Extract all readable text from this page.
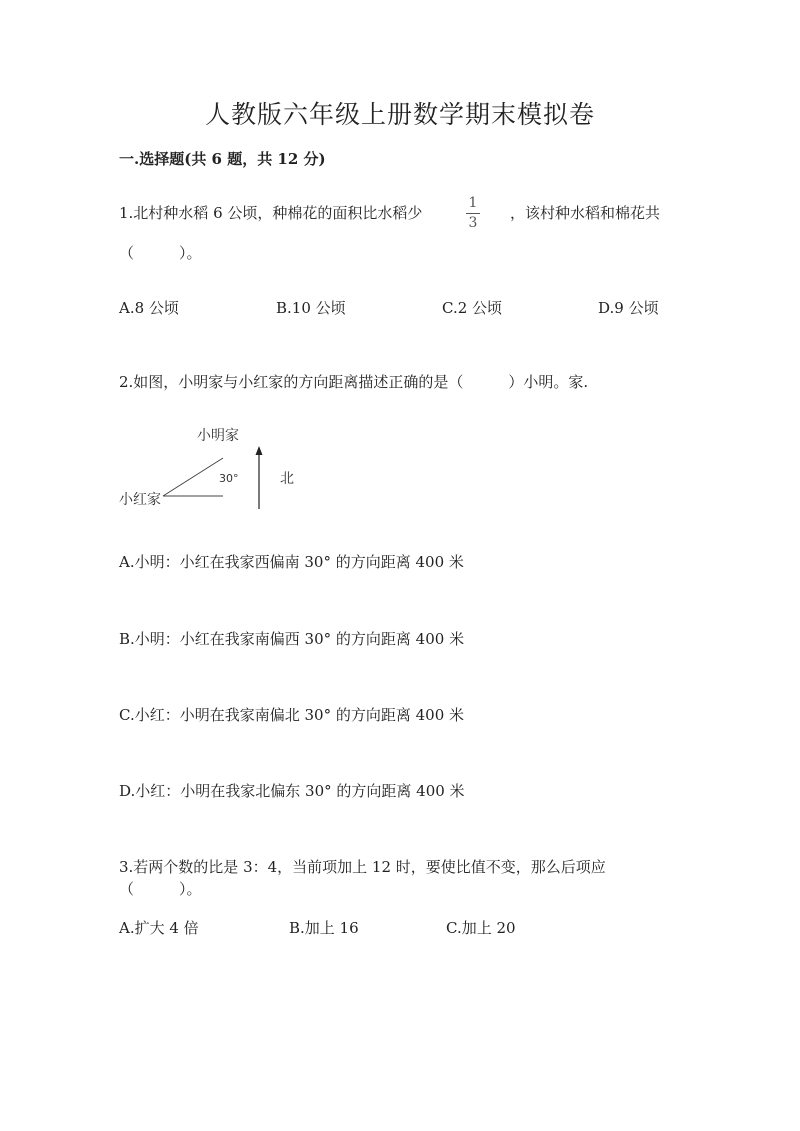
人教版六年级上册数学期末模拟卷
一.选择题(共 6 题，共 12 分)
1.北村种水稻 6 公顷，种棉花的面积比水稻少
1
3
，该村种水稻和棉花共
（　　　）。
A.8 公顷	B.10 公顷	C.2 公顷	D.9 公顷
2.如图，小明家与小红家的方向距离描述正确的是（　　　）小明。家.
小明家
小红家
30°	北
A.小明：小红在我家西偏南 30° 的方向距离 400 米
B.小明：小红在我家南偏西 30° 的方向距离 400 米
C.小红：小明在我家南偏北 30° 的方向距离 400 米
D.小红：小明在我家北偏东 30° 的方向距离 400 米
3.若两个数的比是 3：4，当前项加上 12 时，要使比值不变，那么后项应
（　　　）。
A.扩大 4 倍	B.加上 16	C.加上 20
